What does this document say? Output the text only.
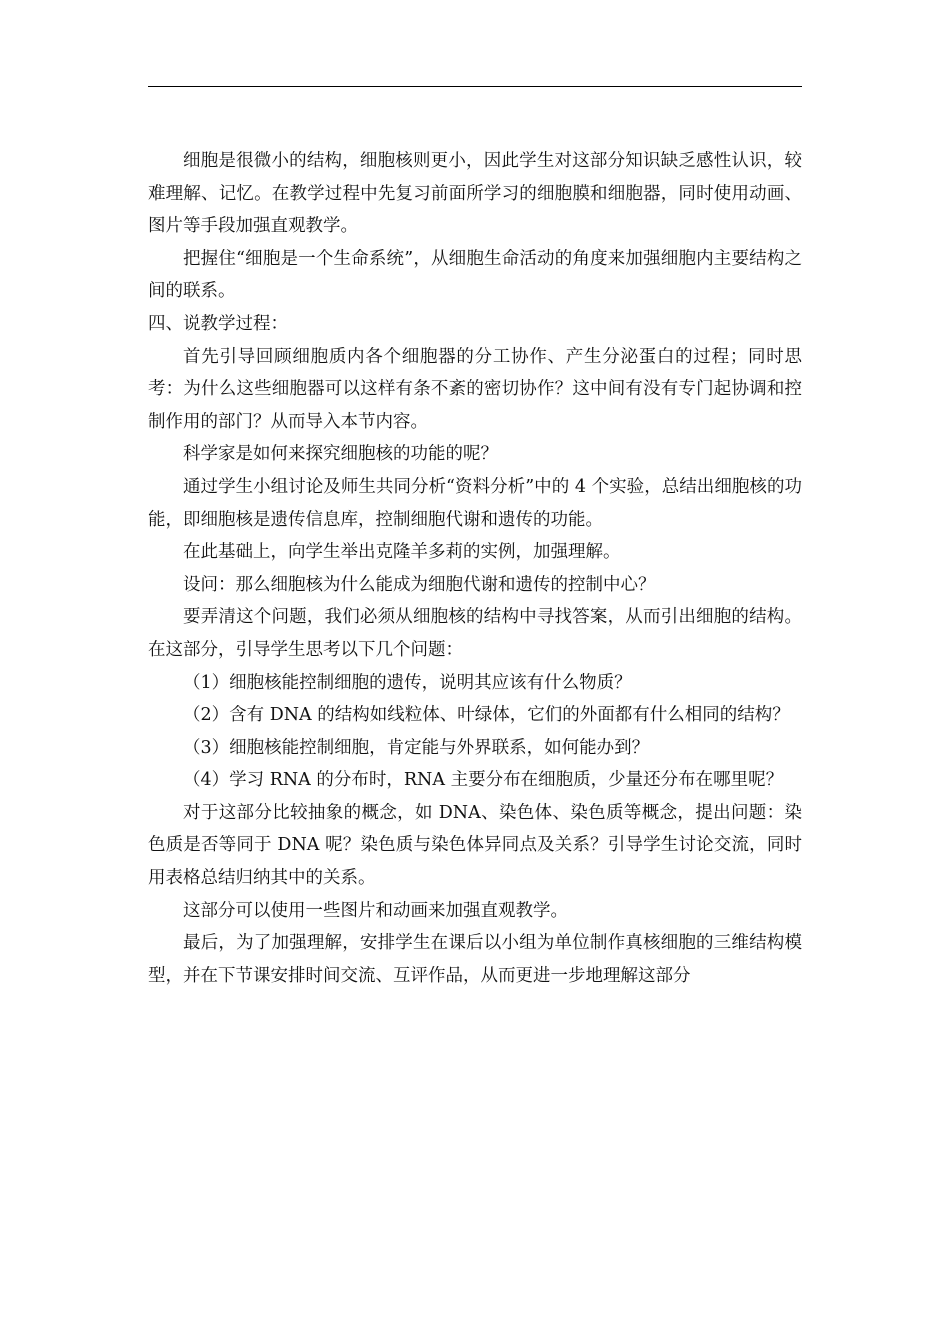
细胞是很微小的结构，细胞核则更小，因此学生对这部分知识缺乏感性认识，较难理解、记忆。在教学过程中先复习前面所学习的细胞膜和细胞器，同时使用动画、图片等手段加强直观教学。

把握住“细胞是一个生命系统”，从细胞生命活动的角度来加强细胞内主要结构之间的联系。

四、说教学过程：

首先引导回顾细胞质内各个细胞器的分工协作、产生分泌蛋白的过程；同时思考：为什么这些细胞器可以这样有条不紊的密切协作？这中间有没有专门起协调和控制作用的部门？从而导入本节内容。

科学家是如何来探究细胞核的功能的呢？

通过学生小组讨论及师生共同分析“资料分析”中的 4 个实验，总结出细胞核的功能，即细胞核是遗传信息库，控制细胞代谢和遗传的功能。

在此基础上，向学生举出克隆羊多莉的实例，加强理解。

设问：那么细胞核为什么能成为细胞代谢和遗传的控制中心？

要弄清这个问题，我们必须从细胞核的结构中寻找答案，从而引出细胞的结构。在这部分，引导学生思考以下几个问题：

（1）细胞核能控制细胞的遗传，说明其应该有什么物质？

（2）含有 DNA 的结构如线粒体、叶绿体，它们的外面都有什么相同的结构？

（3）细胞核能控制细胞，肯定能与外界联系，如何能办到？

（4）学习 RNA 的分布时，RNA 主要分布在细胞质，少量还分布在哪里呢？

对于这部分比较抽象的概念，如 DNA、染色体、染色质等概念，提出问题：染色质是否等同于 DNA 呢？染色质与染色体异同点及关系？引导学生讨论交流，同时用表格总结归纳其中的关系。

这部分可以使用一些图片和动画来加强直观教学。

最后，为了加强理解，安排学生在课后以小组为单位制作真核细胞的三维结构模型，并在下节课安排时间交流、互评作品，从而更进一步地理解这部分
